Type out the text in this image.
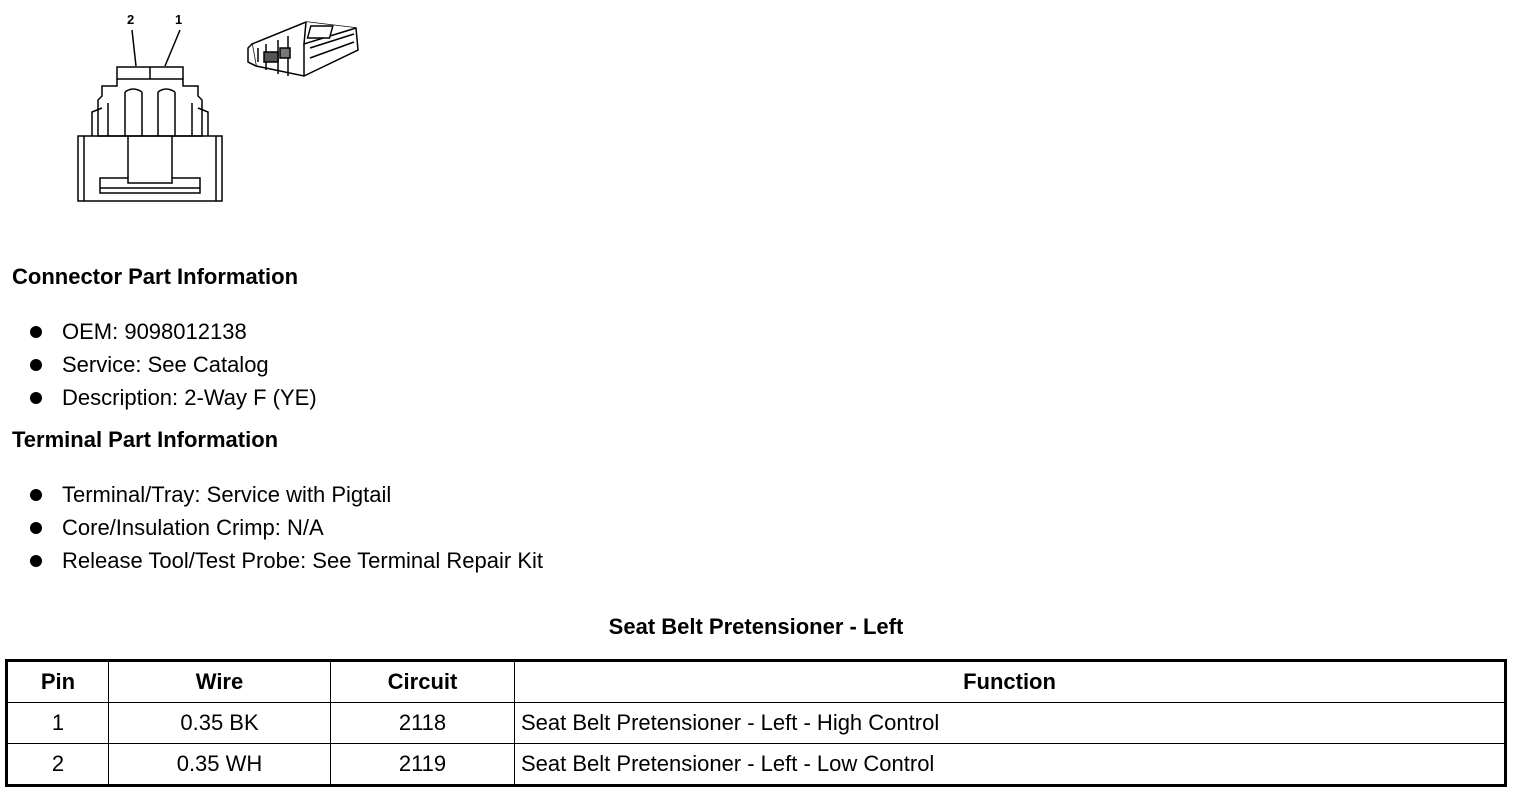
2	1
Connector Part Information
OEM: 9098012138
Service: See Catalog
Description: 2-Way F (YE)
Terminal Part Information
Terminal/Tray: Service with Pigtail
Core/Insulation Crimp: N/A
Release Tool/Test Probe: See Terminal Repair Kit
Seat Belt Pretensioner - Left
Pin	Wire	Circuit	Function
1	0.35 BK	2118	Seat Belt Pretensioner - Left - High Control
2	0.35 WH	2119	Seat Belt Pretensioner - Left - Low Control
